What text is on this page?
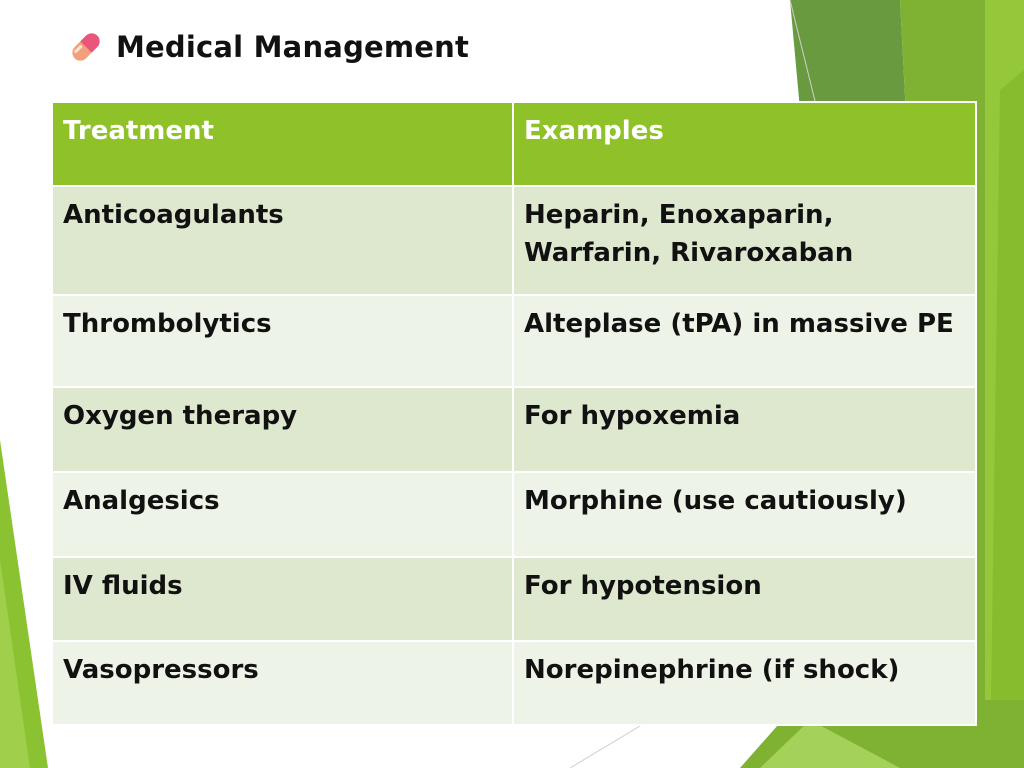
Medical Management
Treatment	Examples
Anticoagulants	Heparin, Enoxaparin, Warfarin, Rivaroxaban
Thrombolytics	Alteplase (tPA) in massive PE
Oxygen therapy	For hypoxemia
Analgesics	Morphine (use cautiously)
IV fluids	For hypotension
Vasopressors	Norepinephrine (if shock)
